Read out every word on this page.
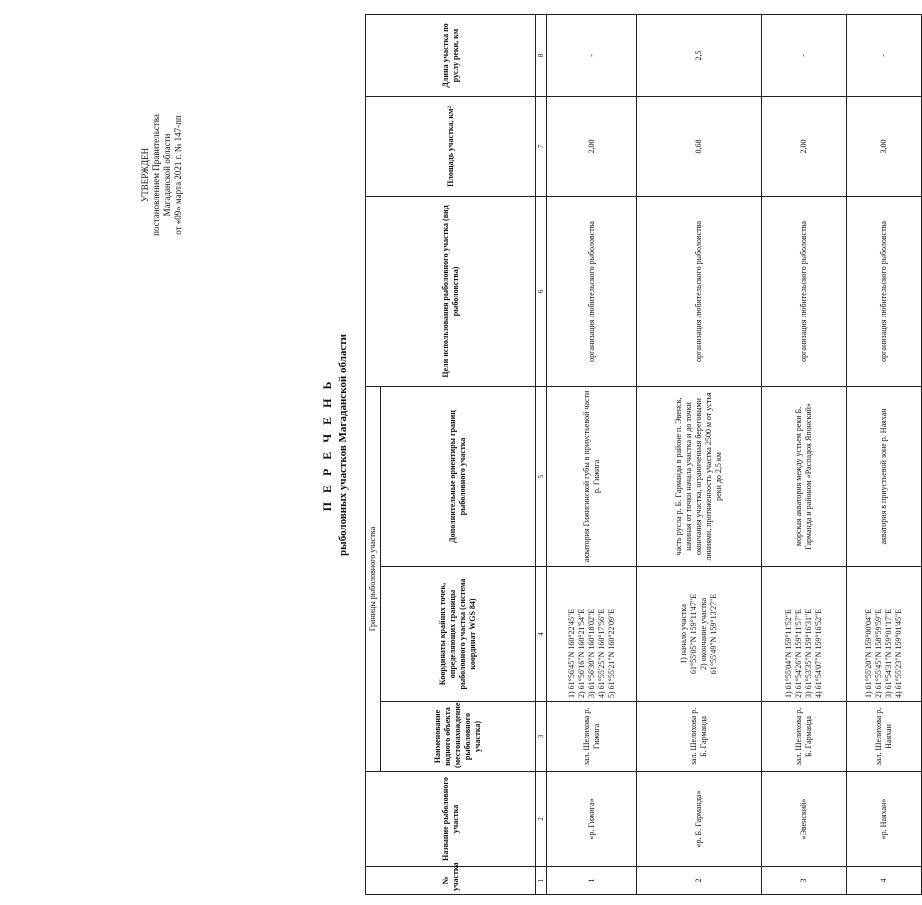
УТВЕРЖДЕН постановлением Правительства Магаданской области от «09» марта 2021 г. № 147-пп
П Е Р Е Ч Е Н Ь рыболовных участков Магаданской области
№ участка	Название рыболовного участка	Границы рыболовного участка			Цели использования рыболовного участка (вид рыболовства)	Площадь участка, км²	Длина участка по руслу реки, км
		Наименование водного объекта (местонахождение рыболовного участка)	Координаты крайних точек, определяющих границы рыболовного участка (система координат WGS 84)	Дополнительные ориентиры границ рыболовного участка			
1	2	3	4	5	6	7	8
1	«р. Гижига»	зал. Шелихова р. Гижига	1) 61°56'45"N 160°22'45"E 2) 61°56'16"N 160°21'54"E 3) 61°56'30"N 160°18'02"E 4) 61°55'25"N 160°17'56"E 5) 61°55'21"N 160°22'09"E	акватория Гижигинской губы в приустьевой части р. Гижига	организация любительского рыболовства	2,00	-
2	«р. Б. Гарманда»	зал. Шелихова р. Б. Гарманда	1) начало участка 61°55'05"N 159°11'47"E 2) окончание участка 61°55'49"N 159°13'27"E	часть русла р. Б. Гарманда в районе п. Эвенск, начиная от точки начала участка и до точки окончания участка, ограниченная береговыми линиями, протяженность участка 2500 м от устья реки до 2,5 км	организация любительского рыболовства	0,68	2,5
3	«Эвенский»	зал. Шелихова р. Б. Гарманда	1) 61°55'04"N 159°11'52"E 2) 61°54'26"N 159°11'57"E 3) 61°53'35"N 159°16'31"E 4) 61°54'07"N 159°16'52"E	морская акватория между устьем реки Б. Гарманда и районом «Распадок Японский»	организация любительского рыболовства	2,00	-
4	«р. Наяхан»	зал. Шелихова р. Наяхан	1) 61°55'20"N 159°00'04"E 2) 61°55'45"N 158°59'59"E 3) 61°54'31"N 159°01'17"E 4) 61°55'23"N 159°01'45"E	акватория в приустьевой зоне р. Наяхан	организация любительского рыболовства	3,00	-
